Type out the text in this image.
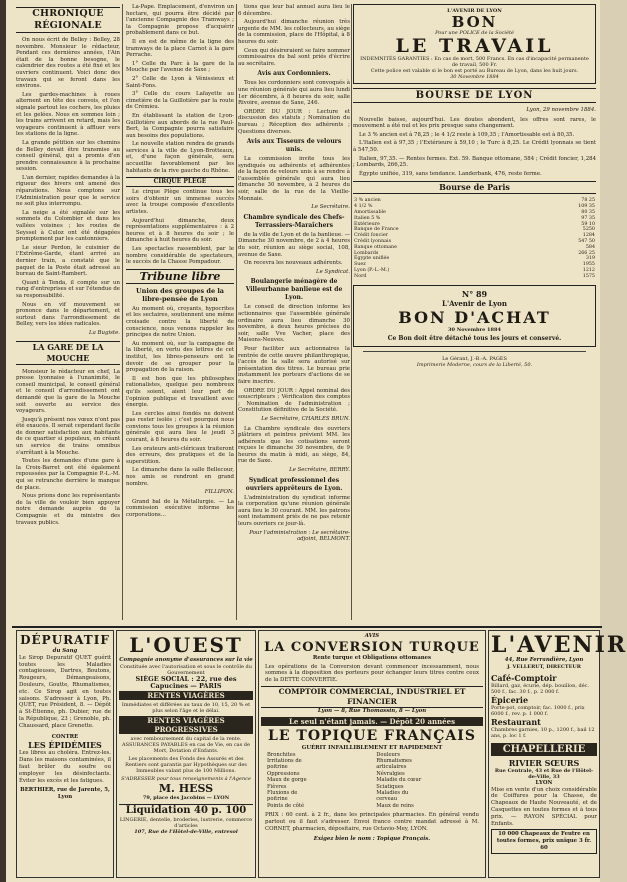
CHRONIQUE RÉGIONALE

On nous écrit de Belley : Belley, 28 novembre. Monsieur le rédacteur, Pendant ces dernières années, l'Ain était de la bonne besogne, le calendrier des routes a été fixé et les ouvriers continuent. Voici donc des travaux qui se feront dans les environs.

Les gardes-machines à roues alternent en tête des convois, et l'on signale partout les cochers, les pluies et les gelées. Nous en sommes loin ; les trains arrivent en retard, mais les voyageurs continuent à affluer vers les stations de la ligne.

La grande pétition sur les chemins de Belley devait être transmise au conseil général, qui a promis d'en prendre connaissance à la prochaine session.

L'an dernier, rapides demandes à la rigueur des hivers ont amené des réparations. Nous comptons sur l'Administration pour que le service ne soit plus interrompu.

La neige a été signalée sur les sommets du Colombier et dans les vallées voisines ; les routes de Seyssel à Culoz ont été dégagées promptement par les cantonniers.

Le sieur Perdon, le cuisinier de l'Extrême-Garde, étant arrivé au dernier train, a constaté que le paquet de la Poste était adressé au bureau de Saint-Rambert.

Quant à Tenda, il compte sur un rang d'entreprises et sur l'étendue de sa responsabilité.

Nous en vif mouvement se prononce dans le département, et surtout dans l'arrondissement de Belley, vers les idées radicales.

La Bugiste.
LA GARE DE LA MOUCHE

Monsieur le rédacteur en chef, La presse lyonnaise à l'unanimité, le conseil municipal, le conseil général et le conseil d'arrondissement ont demandé que la gare de la Mouche soit ouverte au service des voyageurs.

Jusqu'à présent nos vœux n'ont pas été exaucés. Il serait cependant facile de donner satisfaction aux habitants de ce quartier si populeux, en créant un service de trains omnibus s'arrêtant à la Mouche.

Toutes les demandes d'une gare à la Croix-Barret ont été également repoussées par la Compagnie P.-L.-M. qui se retranche derrière le manque de place.

Nous prions donc les représentants de la ville de vouloir bien appuyer notre demande auprès de la Compagnie et du ministre des travaux publics.

La-Pape. Emplacement, d'environ un hectare, qui pourra être décidé par l'ancienne Compagnie des Tramways ; la Compagnie propose d'acquérir probablement dans ce but.

Il en est de même de la ligne des tramways de la place Carnot à la gare Perrache.

1° Celle du Parc à la gare de la Mouche par l'avenue de Saxe ;

2° Celle de Lyon à Vénissieux et Saint-Fons.

3° Celle du cours Lafayette au cimetière de la Guillotière par la route de Crémieu.

En établissant la station de Lyon-Guillotière aux abords de la rue Paul-Bert, la Compagnie pourra satisfaire aux besoins des populations.

Le nouvelle station rendra de grands services à la ville de Lyon-Brotteaux, et, d'une façon générale, sera accueillie favorablement par les habitants de la rive gauche du Rhône.

CIRQUE PLÈGE

Le cirque Plège continue tous les soirs d'obtenir un immense succès avec la troupe composée d'excellents artistes.

Aujourd'hui dimanche, deux représentations supplémentaires : à 2 heures et à 8 heures du soir ; le dimanche à huit heures du soir.

Les spectacles rassemblent, par le nombre considérable de spectateurs, le succès de la Chasse Pompadour.

Tribune libre
Union des groupes de la libre-pensée de Lyon

Au moment où, croyants, hypocrites et les sectaires, soutiennent une même croisade contre la liberté de conscience, nous venons rappeler les principes de notre Union.

Au moment où, sur la campagne de la liberté, en vertu des lettres de cet institut, les libres-penseurs ont le devoir de se grouper pour la propagation de la raison.

Il est bon que les philosophes rationalistes, quelque peu nombreux qu'ils soient, aient leur part de l'opinion publique et travaillent avec énergie.

Les cercles ainsi fondés ne doivent pas rester isolés ; c'est pourquoi nous convions tous les groupes à la réunion générale qui aura lieu le jeudi 3 courant, à 8 heures du soir.

Les orateurs anti-cléricaux traiteront des erreurs, des pratiques et de la superstition.

Le dimanche dans la salle Bellecour, nos amis se rendront en grand nombre.

FILLIPON.

Grand bal de la Métallurgie. — La commission exécutive informe les corporations...

tions que leur bal annuel aura lieu le 6 décembre.

Aujourd'hui dimanche réunion très urgente de MM. les collecteurs, au siège de la commission, place de l'Hôpital, à 8 heures du soir.

Ceux qui désireraient se faire nommer commissaires du bal sont priés d'écrire au secrétaire.

Avis aux Cordonniers.

Tous les cordonniers sont convoqués à une réunion générale qui aura lieu lundi 1er décembre, à 8 heures du soir, salle Rivoire, avenue de Saxe, 246.

ORDRE DU JOUR : Lecture et discussion des statuts ; Nomination du bureau ; Réception des adhérents ; Questions diverses.

Avis aux Tisseurs de velours unis.

La commission invite tous les syndiqués ou adhérents et adhérentes de la façon de velours unis à se rendre à l'assemblée générale qui aura lieu dimanche 30 novembre, à 2 heures du soir, salle de la rue de la Vieille-Monnaie.

Le Secrétaire.
Chambre syndicale des Chefs-Terrassiers-Maraîchers

de la ville de Lyon et de la banlieue. — Dimanche 30 novembre, de 2 à 4 heures du soir, réunion au siège social, 108, avenue de Saxe.

On recevra les nouveaux adhérents.

Le Syndicat.
Boulangerie ménagère de Villeurbanne banlieue est de Lyon.

Le conseil de direction informe les actionnaires que l'assemblée générale ordinaire aura lieu dimanche 30 novembre, à deux heures précises du soir, salle Vve Vacher, place des Maisons-Neuves.

Pour faciliter aux actionnaires la rentrée de cette œuvre philanthropique, l'accès de la salle sera autorisé sur présentation des titres. Le bureau prie instamment les porteurs d'actions de se faire inscrire.

ORDRE DU JOUR : Appel nominal des souscripteurs ; Vérification des comptes ; Nomination de l'administration ; Constitution définitive de la Société.

Le Secrétaire, CHARLES BRUN.

La Chambre syndicale des ouvriers plâtriers et peintres prévient MM. les adhérents que les cotisations seront reçues le dimanche 30 novembre, de 9 heures du matin à midi, au siège, 84, rue de Saxe.

Le Secrétaire, BERRY.
Syndicat professionnel des ouvriers apprêteurs de Lyon.

L'administration du syndicat informe la corporation qu'une réunion générale aura lieu le 30 courant. MM. les patrons sont instamment priés de ne pas retenir leurs ouvriers ce jour-là.

Pour l'administration : Le secrétaire-adjoint, BELMONT.
L'AVENIR DE LYON
BON
Pour une POLICE de la Société
LE TRAVAIL
INDEMNITÉS GARANTIES : En cas de mort, 500 Francs. En cas d'incapacité permanente de travail, 500 Fr.
Cette police est valable si le bon est porté au Bureau de Lyon, dans les huit jours.
30 Novembre 1884
BOURSE DE LYON
Lyon, 29 novembre 1884.

Nouvelle baisse, aujourd'hui. Les doutes abondent, les offres sont rares, le mouvement a été nul et les prix presque sans changement.

Le 3 % ancien est à 78,25 ; le 4 1/2 reste à 109,35 ; l'Amortissable est à 80,35.

L'Italien est à 97,35 ; l'Extérieure à 59,10 ; le Turc à 8,25. Le Crédit lyonnais se tient à 547,50.

Italien, 97,35. — Rentes fermes. Ext. 59. Banque ottomane, 584 ; Crédit foncier, 1,284 ; Lombards, 266,25.

Égypte unifiée, 319, sans tendance. Landerbank, 476, reste ferme.

Bourse de Paris
3 % ancien	78 25
4 1/2 %	109 35
Amortissable	80 35
Italien 5 %	97 35
Extérieure	59 10
Banque de France	5250
Crédit foncier	1284
Crédit lyonnais	547 50
Banque ottomane	584
Lombards	266 25
Égypte unifiée	319
Suez	1955
Lyon (P.-L.-M.)	1212
Nord	1575
N° 89
L'Avenir de Lyon
BON D'ACHAT
30 Novembre 1884
Ce Bon doit être détaché tous les jours et conservé.
Le Gérant, J.-B.-A. PAGES
Imprimerie Moderne, cours de la Liberté, 50.
DÉPURATIF
du Sang

Le Sirop Depuratif QUET guérit toutes les Maladies contagieuses, Dartres, Boutons, Rougeurs, Démangeaisons, Douleurs, Goutte, Rhumatismes, etc. Ce Sirop agit en toutes saisons. S'adresser à Lyon, Ph. QUET, rue Président, 8. — Dépôt à St-Étienne, ph. Dubier, rue de la République, 23 ; Grenoble, ph. Chaussard, place Grenette.

CONTRE
LES ÉPIDÉMIES

Les libres au choléra. Entrez-les. Dans les maisons contaminées, il faut brûler du soufre ou employer les désinfectants. Éviter les excès et les fatigues.

BERTHIER, rue de Jarente, 5, Lyon
L'OUEST
Compagnie anonyme d'assurances sur la vie
Constituée avec l'autorisation et sous le contrôle du Gouvernement
SIÈGE SOCIAL : 22, rue des Capucines — PARIS
RENTES VIAGÈRES
Immédiates et différées au taux de 10, 15, 20 % et plus selon l'âge et le délai.
RENTES VIAGÈRES PROGRESSIVES
avec remboursement du capital de la rente. ASSURANCES PAYABLES en cas de Vie, en cas de Mort, Dotation d'Enfants.
Les placements des Fonds des Assurés et des Rentiers sont garantis par Hypothèques sur des Immeubles valant plus de 100 Millions.
S'ADRESSER pour tous renseignements à l'Agence
M. HESS
79, place des Jacobins — LYON
Liquidation 40 p. 100
LINGERIE, dentelle, broderies, lustrerie, commerce d'articles
107, Rue de l'Hôtel-de-Ville, entresol
AVIS
LA CONVERSION TURQUE
Rente turque et Obligations ottomanes

Les opérations de la Conversion devant commencer incessamment, nous sommes à la disposition des porteurs pour échanger leurs titres contre ceux de la DETTE CONVERTIE.

COMPTOIR COMMERCIAL, INDUSTRIEL ET FINANCIER
Lyon — 8, Rue Thomassin, 8 — Lyon
Le seul n'étant jamais. — Dépôt 20 années
LE TOPIQUE FRANÇAIS
GUÉRIT INFAILLIBLEMENT ET RAPIDEMENT
Bronchites
Irritations de poitrine
Oppressions
Maux de gorge
Fièvres
Fluxions de poitrine
Points de côté
Douleurs
Rhumatismes articulaires
Névralgies
Maladie du cœur
Sciatiques
Maladies du cerveau
Maux de reins

PRIX : 60 cent. à 2 fr., dans les principales pharmacies. En général vendu partout ou il faut s'adresser. Envoi franco contre mandat adressé à M. CORNET, pharmacien, dépositaire, rue Octavio-Mey, LYON.

Exigez bien le nom : Topique Français.
L'AVENIR
44, Rue Ferrandière, Lyon
J. VELLERUT, DIRECTEUR
Café-Comptoir
Billard, gaz, écurie, dép. bouillon, déc. 500 f., fac. 30 f., p. 2 000 f.
Épicerie
Porte-pot, comptoir, fac. 1000 f., prix 6000 f., rev. p. 1 000 f.
Restaurant
Chambres garnies, 10 p., 1200 f., bail 12 ans, p. loc 1 f.
CHAPELLERIE
RIVIER SŒURS
Rue Centrale, 43 et Rue de l'Hôtel-de-Ville, 33
LYON

Mise en vente d'un choix considérable de Coiffures pour la Chasse, de Chapeaux de Haute Nouveauté, et de Casquettes en toutes formes et à tous prix. — RAYON SPÉCIAL pour Enfants.

10 000 Chapeaux de Feutre en toutes formes, prix unique 3 fr. 60
